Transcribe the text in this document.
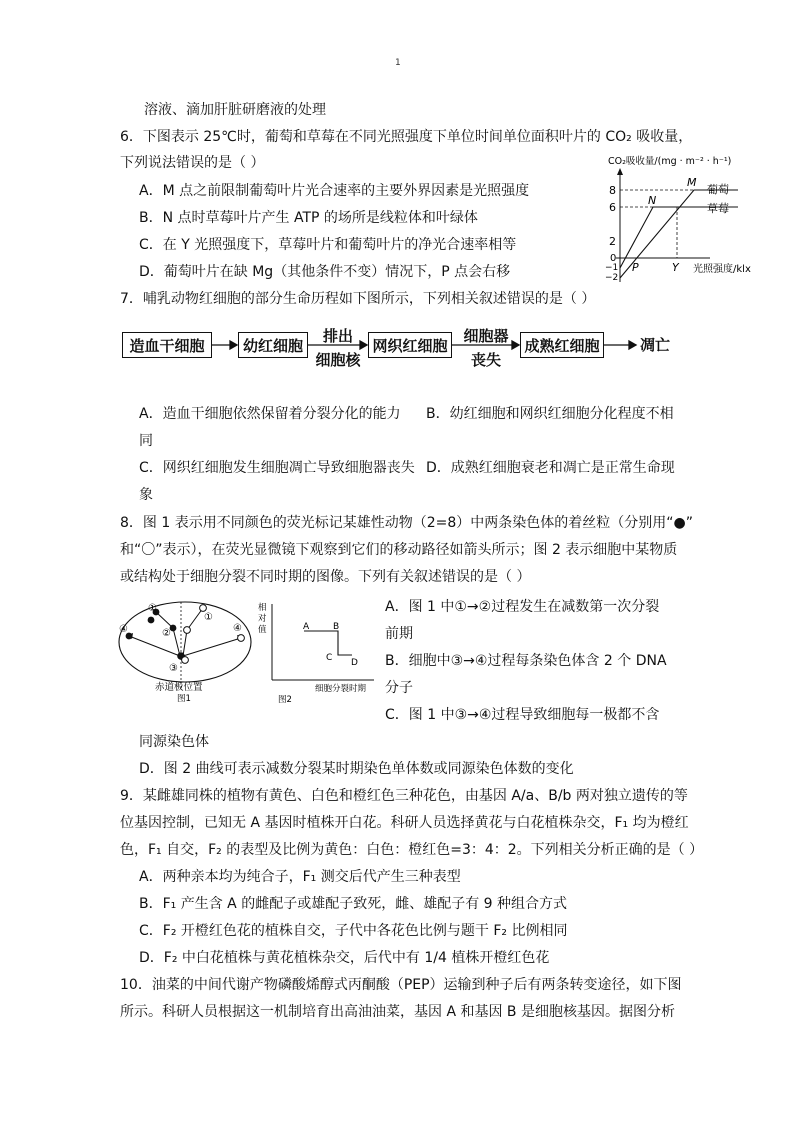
1
溶液、滴加肝脏研磨液的处理
6．下图表示 25℃时，葡萄和草莓在不同光照强度下单位时间单位面积叶片的 CO₂ 吸收量，
下列说法错误的是（ ）
A．M 点之前限制葡萄叶片光合速率的主要外界因素是光照强度
B．N 点时草莓叶片产生 ATP 的场所是线粒体和叶绿体
C．在 Y 光照强度下，草莓叶片和葡萄叶片的净光合速率相等
D．葡萄叶片在缺 Mg（其他条件不变）情况下，P 点会右移
CO₂吸收量/(mg · m⁻² · h⁻¹)
8
6
2
0
−1
−2
M
N
P	Y
葡萄
草莓
光照强度/klx
7．哺乳动物红细胞的部分生命历程如下图所示，下列相关叙述错误的是（ ）
造血干细胞	幼红细胞	网织红细胞	成熟红细胞	凋亡
排出
细胞核
细胞器
丧失
A．造血干细胞依然保留着分裂分化的能力 B．幼红细胞和网织红细胞分化程度不相
同
C．网织红细胞发生细胞凋亡导致细胞器丧失 D．成熟红细胞衰老和凋亡是正常生命现
象
8．图 1 表示用不同颜色的荧光标记某雄性动物（2=8）中两条染色体的着丝粒（分别用“●”
和“〇”表示），在荧光显微镜下观察到它们的移动路径如箭头所示；图 2 表示细胞中某物质
或结构处于细胞分裂不同时期的图像。下列有关叙述错误的是（ ）
①
①
②
③
④	④
赤道板位置
图1
相
对
值	A	B
C D
细胞分裂时期
图2
A．图 1 中①→②过程发生在减数第一次分裂
前期
B．细胞中③→④过程每条染色体含 2 个 DNA
分子
C．图 1 中③→④过程导致细胞每一极都不含
同源染色体
D．图 2 曲线可表示减数分裂某时期染色单体数或同源染色体数的变化
9．某雌雄同株的植物有黄色、白色和橙红色三种花色，由基因 A/a、B/b 两对独立遗传的等
位基因控制，已知无 A 基因时植株开白花。科研人员选择黄花与白花植株杂交，F₁ 均为橙红
色，F₁ 自交，F₂ 的表型及比例为黄色：白色：橙红色=3：4：2。下列相关分析正确的是（ ）
A．两种亲本均为纯合子，F₁ 测交后代产生三种表型
B．F₁ 产生含 A 的雌配子或雄配子致死，雌、雄配子有 9 种组合方式
C．F₂ 开橙红色花的植株自交，子代中各花色比例与题干 F₂ 比例相同
D．F₂ 中白花植株与黄花植株杂交，后代中有 1/4 植株开橙红色花
10．油菜的中间代谢产物磷酸烯醇式丙酮酸（PEP）运输到种子后有两条转变途径，如下图
所示。科研人员根据这一机制培育出高油油菜，基因 A 和基因 B 是细胞核基因。据图分析
